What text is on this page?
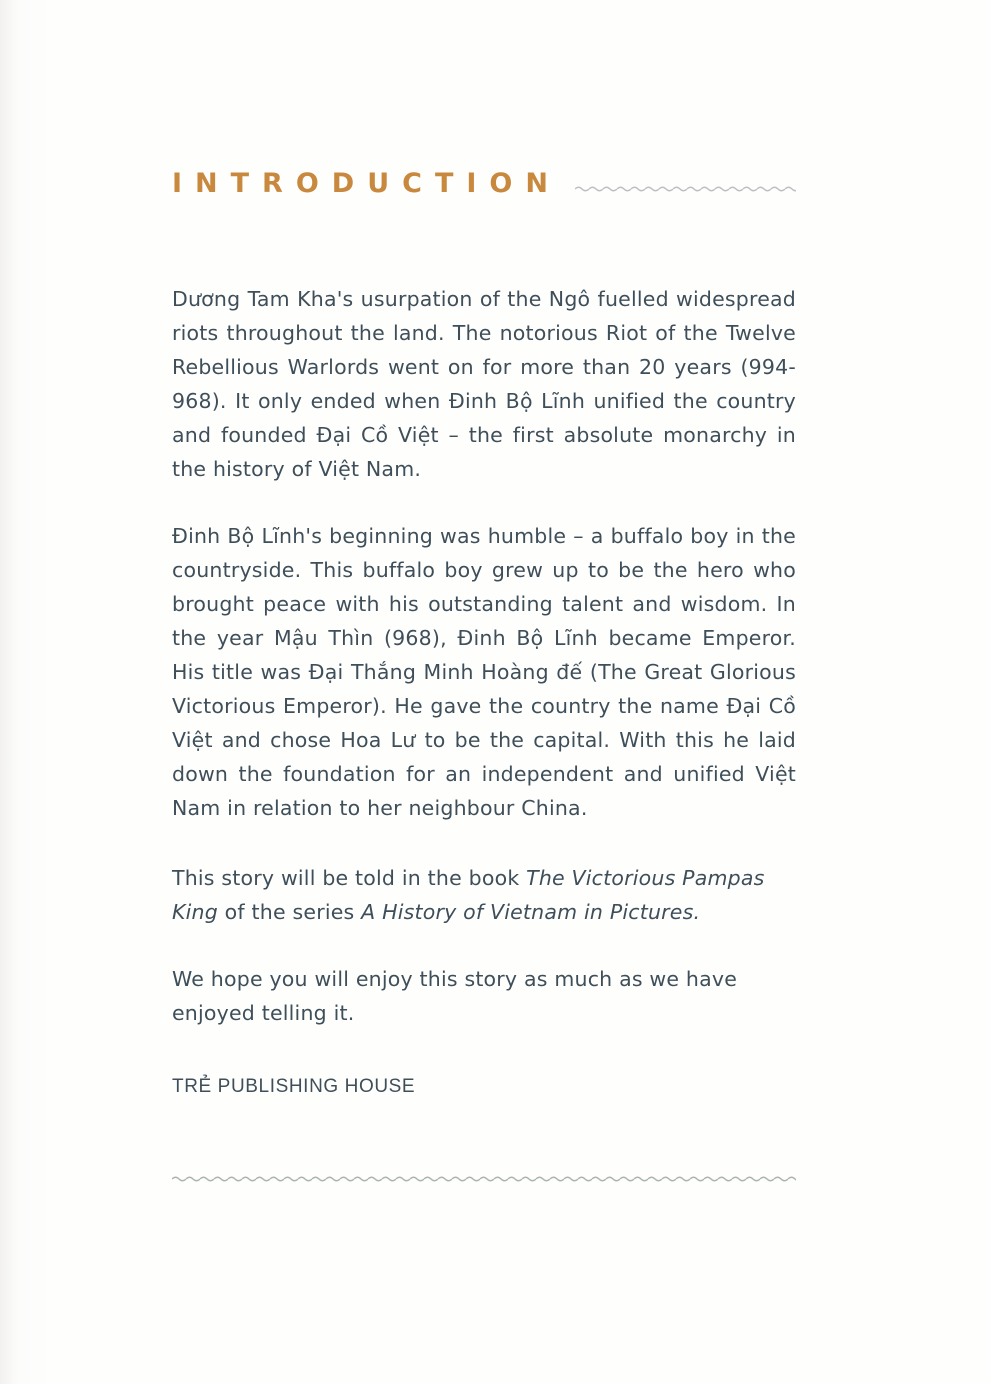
INTRODUCTION

Dương Tam Kha's usurpation of the Ngô fuelled widespread riots throughout the land. The notorious Riot of the Twelve Rebellious Warlords went on for more than 20 years (994-968). It only ended when Đinh Bộ Lĩnh unified the country and founded Đại Cồ Việt – the first absolute monarchy in the history of Việt Nam.

Đinh Bộ Lĩnh's beginning was humble – a buffalo boy in the countryside. This buffalo boy grew up to be the hero who brought peace with his outstanding talent and wisdom. In the year Mậu Thìn (968), Đinh Bộ Lĩnh became Emperor. His title was Đại Thắng Minh Hoàng đế (The Great Glorious Victorious Emperor). He gave the country the name Đại Cồ Việt and chose Hoa Lư to be the capital. With this he laid down the foundation for an independent and unified Việt Nam in relation to her neighbour China.

This story will be told in the book The Victorious Pampas King of the series A History of Vietnam in Pictures.

We hope you will enjoy this story as much as we have enjoyed telling it.

TRẺ PUBLISHING HOUSE
